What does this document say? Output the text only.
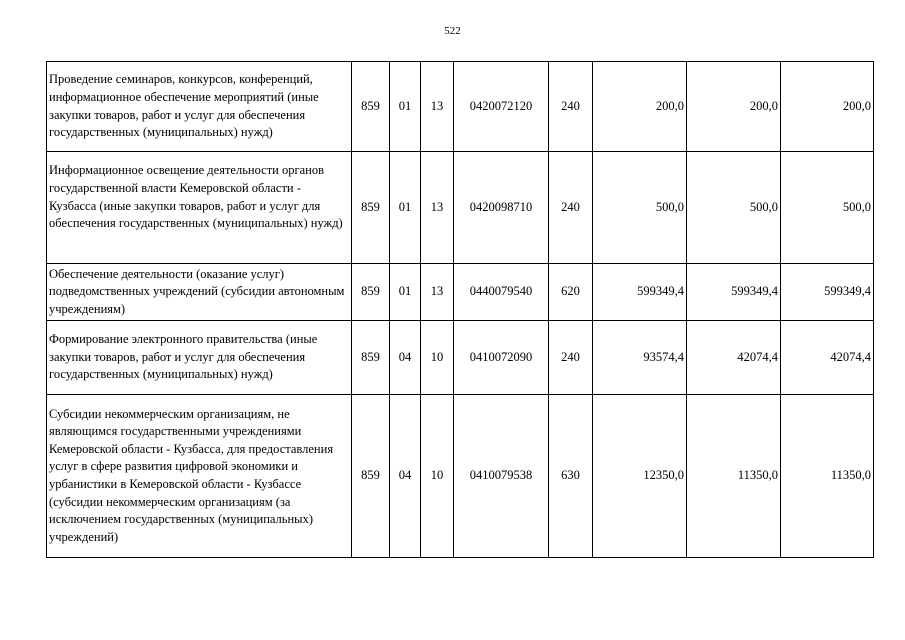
522
Проведение семинаров, конкурсов, конференций, информационное обеспечение мероприятий (иные закупки товаров, работ и услуг для обеспечения государственных (муниципальных) нужд)	859	01	13	0420072120	240	200,0	200,0	200,0
Информационное освещение деятельности органов государственной власти Кемеровской области - Кузбасса (иные закупки товаров, работ и услуг для обеспечения государственных (муниципальных) нужд)	859	01	13	0420098710	240	500,0	500,0	500,0
Обеспечение деятельности (оказание услуг) подведомственных учреждений (субсидии автономным учреждениям)	859	01	13	0440079540	620	599349,4	599349,4	599349,4
Формирование электронного правительства (иные закупки товаров, работ и услуг для обеспечения государственных (муниципальных) нужд)	859	04	10	0410072090	240	93574,4	42074,4	42074,4
Субсидии некоммерческим организациям, не являющимся государственными учреждениями Кемеровской области - Кузбасса, для предоставления услуг в сфере развития цифровой экономики и урбанистики в Кемеровской области - Кузбассе (субсидии некоммерческим организациям (за исключением государственных (муниципальных) учреждений)	859	04	10	0410079538	630	12350,0	11350,0	11350,0
